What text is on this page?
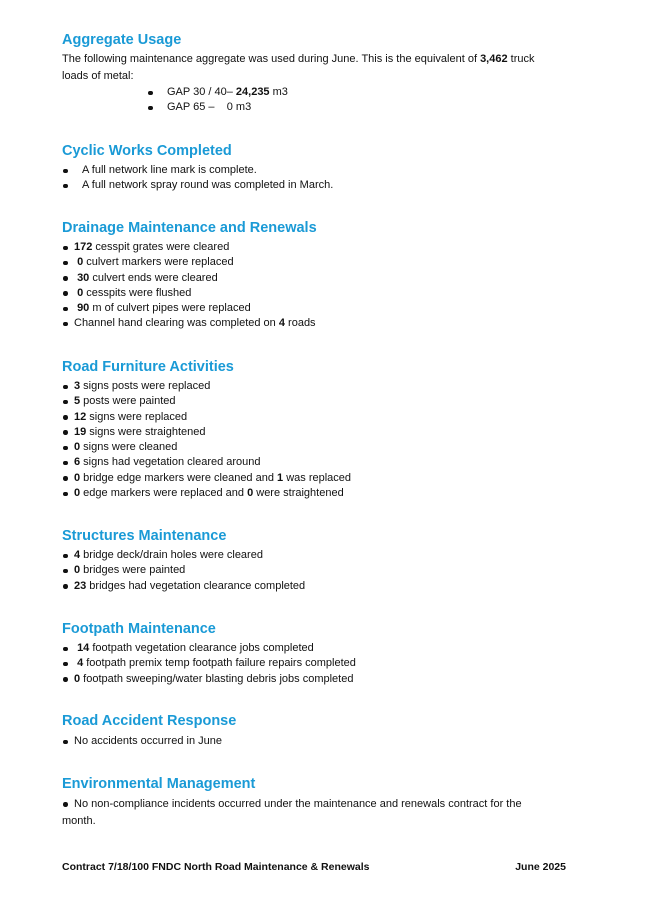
Aggregate Usage

The following maintenance aggregate was used during June. This is the equivalent of 3,462 truck loads of metal:

GAP 30 / 40– 24,235 m3
GAP 65 –    0 m3
Cyclic Works Completed
A full network line mark is complete.
A full network spray round was completed in March.
Drainage Maintenance and Renewals
172 cesspit grates were cleared
0 culvert markers were replaced
30 culvert ends were cleared
0 cesspits were flushed
90 m of culvert pipes were replaced
Channel hand clearing was completed on 4 roads
Road Furniture Activities
3 signs posts were replaced
5 posts were painted
12 signs were replaced
19 signs were straightened
0 signs were cleaned
6 signs had vegetation cleared around
0 bridge edge markers were cleaned and 1 was replaced
0 edge markers were replaced and 0 were straightened
Structures Maintenance
4 bridge deck/drain holes were cleared
0 bridges were painted
23 bridges had vegetation clearance completed
Footpath Maintenance
14 footpath vegetation clearance jobs completed
4 footpath premix temp footpath failure repairs completed
0 footpath sweeping/water blasting debris jobs completed
Road Accident Response
No accidents occurred in June
Environmental Management

No non-compliance incidents occurred under the maintenance and renewals contract for the month.

Contract 7/18/100 FNDC North Road Maintenance & Renewals	June 2025
